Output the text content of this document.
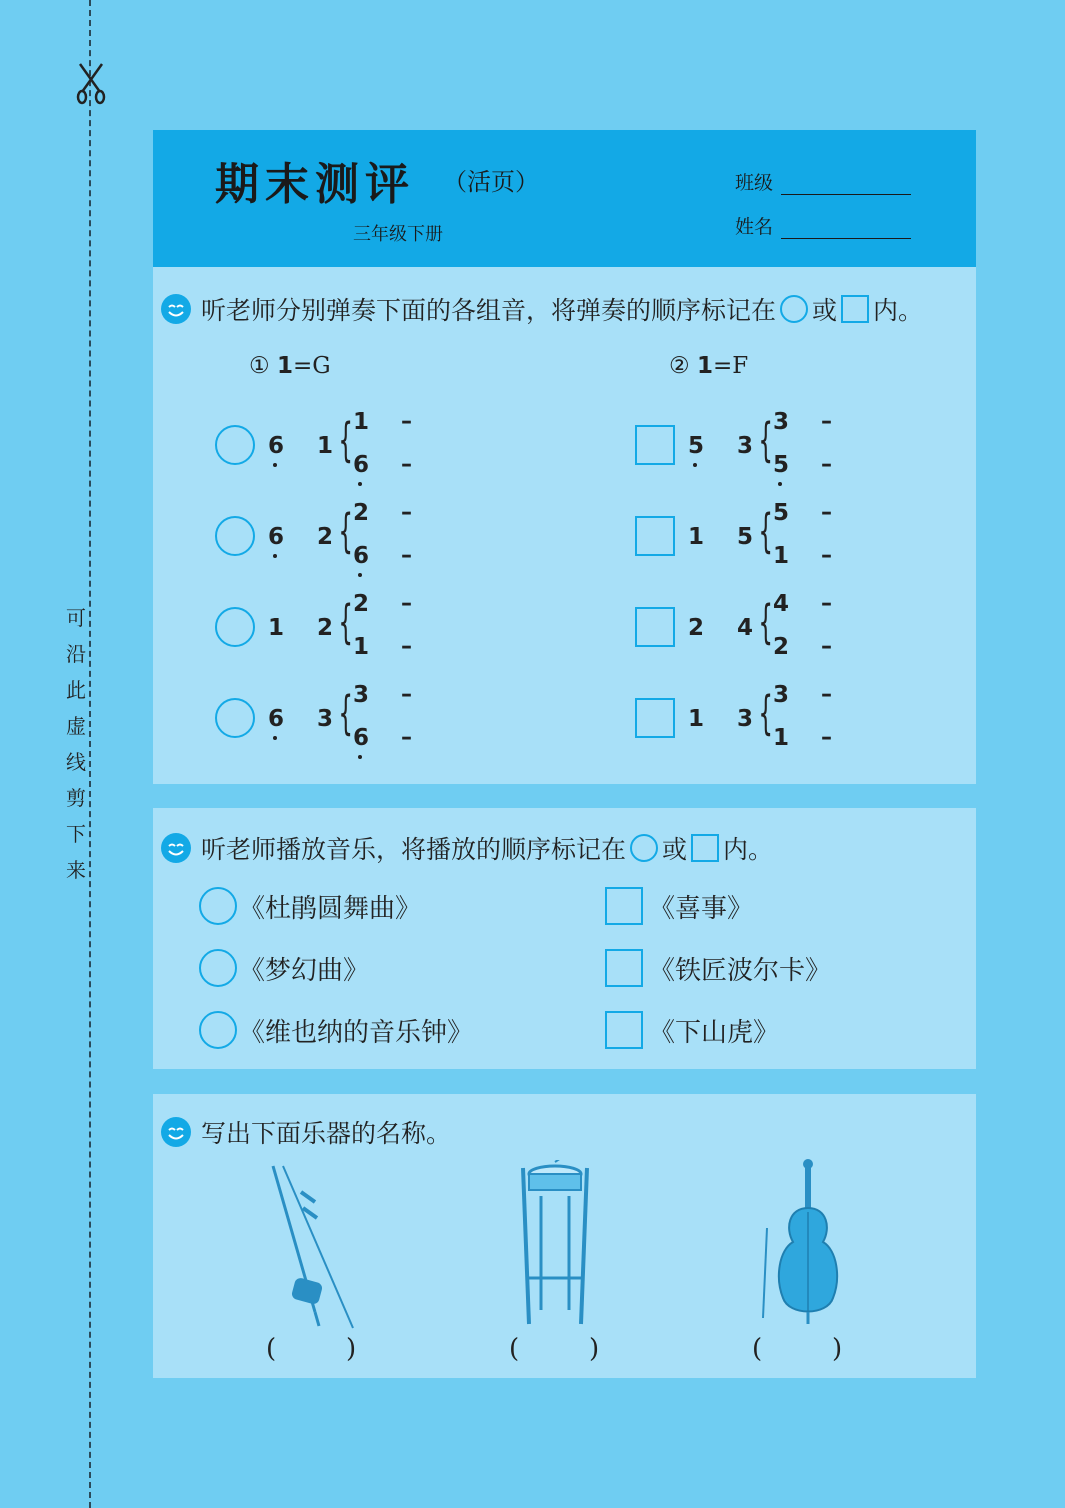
可
沿
此
虚
线
剪
下
来
期末测评 （活页）
三年级下册
班级
姓名
听老师分别弹奏下面的各组音，将弹奏的顺序标记在 ○ 或 内。
① 1=G	② 1=F
6 1
1
6
{ –
–
6 2
2
6
{ –
–
1 2
2
1
{ –
–
6 3
3
6
{ –
–
5 3
3
5
{ –
–
1 5
5
1
{ –
–
2 4
4
2
{ –
–
1 3
3
1
{ –
–
听老师播放音乐，将播放的顺序标记在 ○ 或 内。
《杜鹃圆舞曲》
《梦幻曲》
《维也纳的音乐钟》
《喜事》
《铁匠波尔卡》
《下山虎》
写出下面乐器的名称。
(	)	(	)	(	)
